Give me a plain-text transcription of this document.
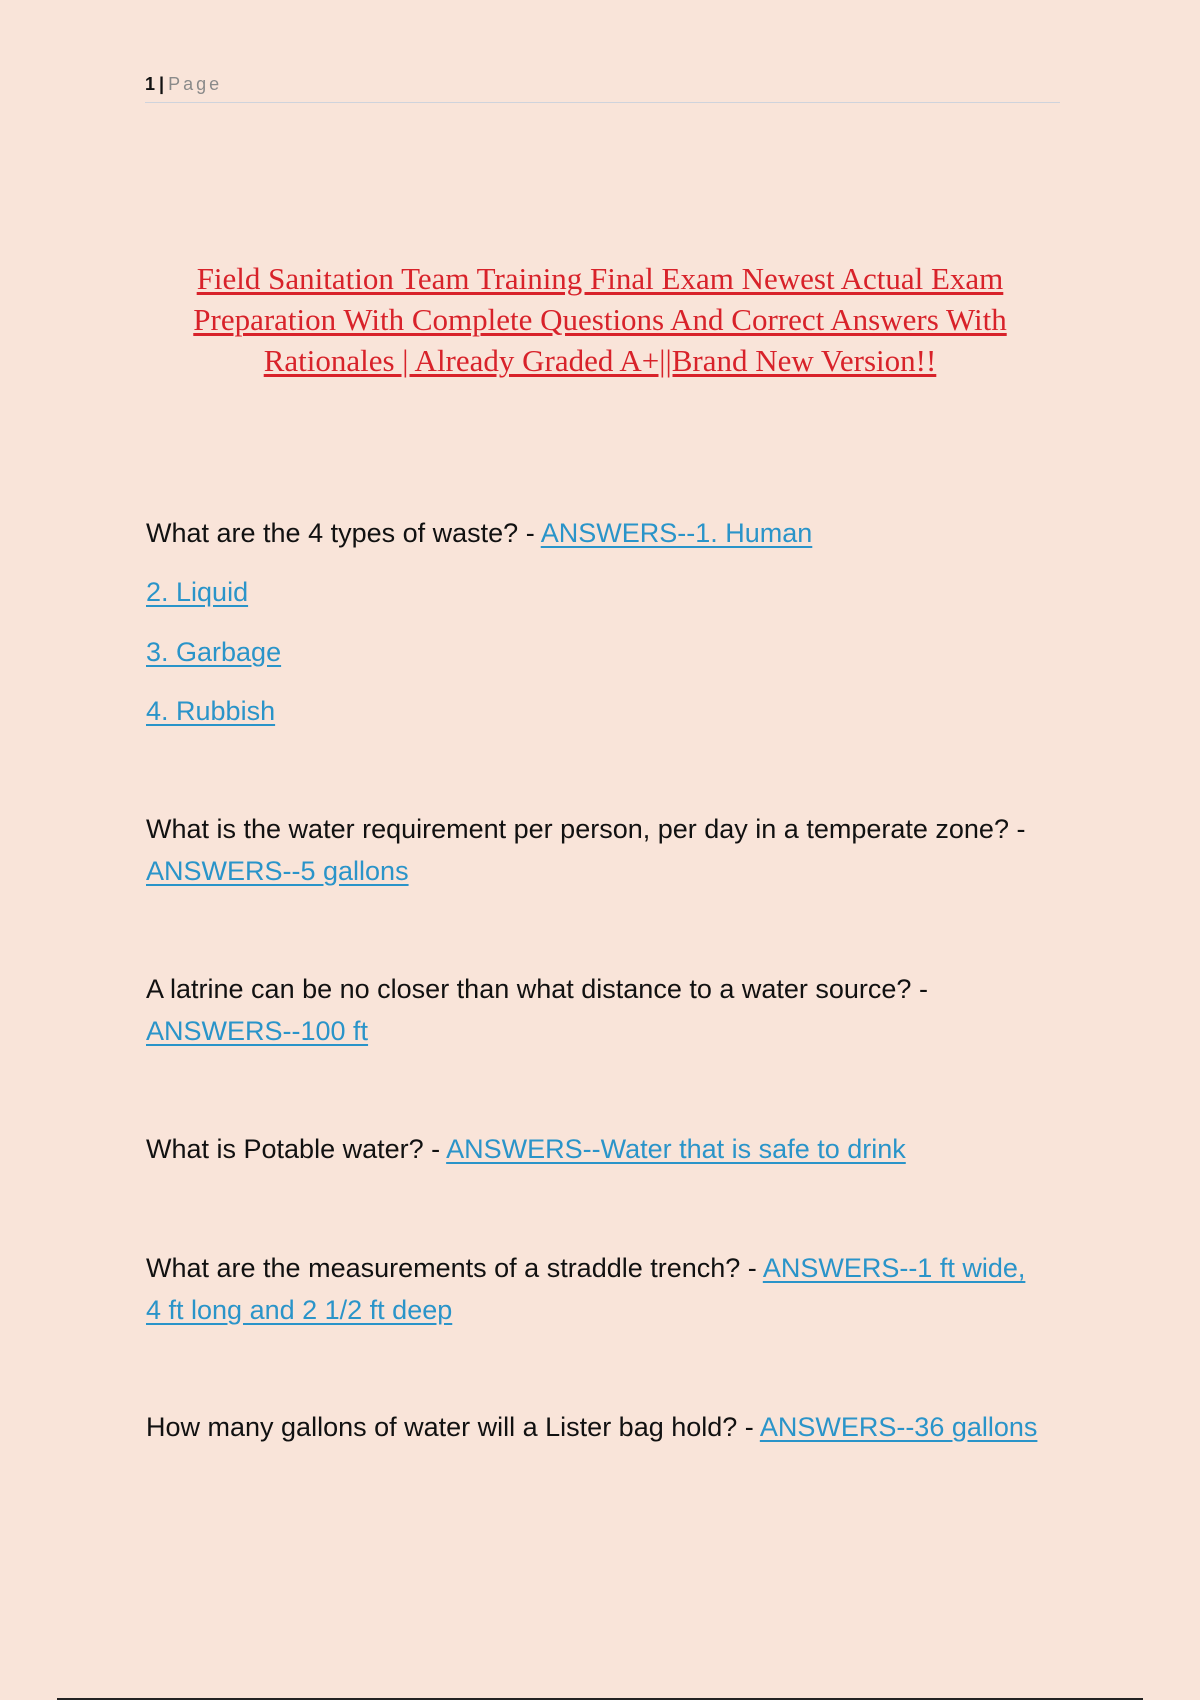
1 | Page
Field Sanitation Team Training Final Exam Newest Actual Exam Preparation With Complete Questions And Correct Answers With Rationales | Already Graded A+||Brand New Version!!

What are the 4 types of waste? - ANSWERS--1. Human

2. Liquid

3. Garbage

4. Rubbish

What is the water requirement per person, per day in a temperate zone? - ANSWERS--5 gallons

A latrine can be no closer than what distance to a water source? - ANSWERS--100 ft

What is Potable water? - ANSWERS--Water that is safe to drink

What are the measurements of a straddle trench? - ANSWERS--1 ft wide, 4 ft long and 2 1/2 ft deep

How many gallons of water will a Lister bag hold? - ANSWERS--36 gallons
